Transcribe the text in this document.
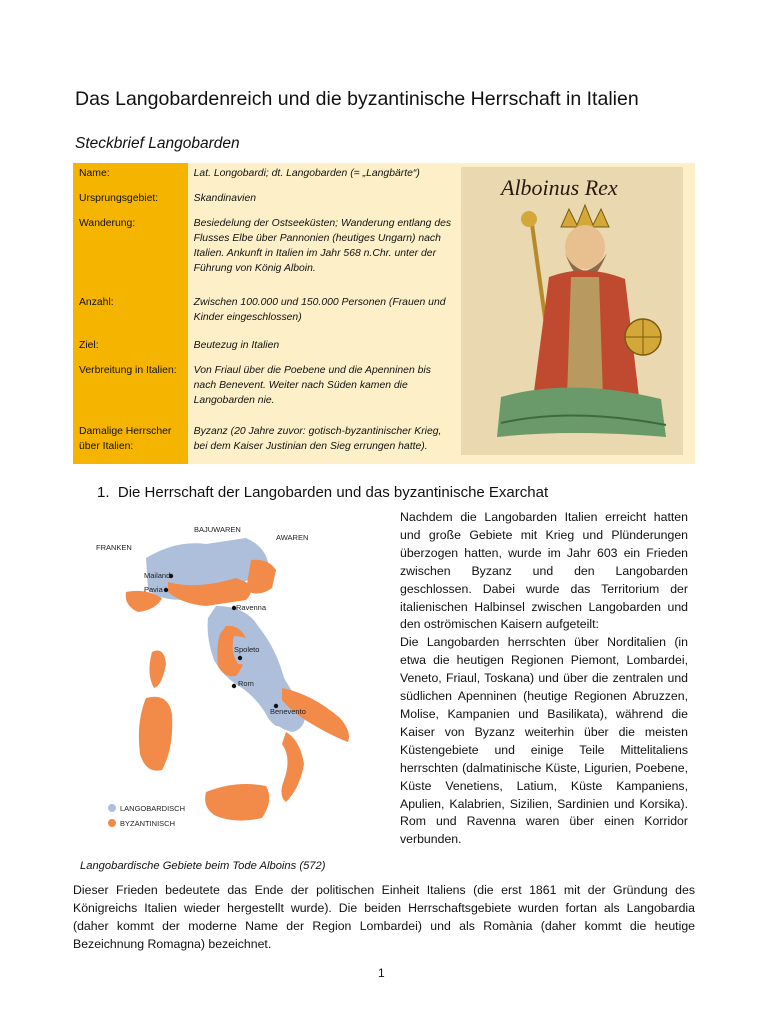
Das Langobardenreich und die byzantinische Herrschaft in Italien
Steckbrief Langobarden
Name:	Lat. Longobardi; dt. Langobarden (= „Langbärte“)	Alboinus Rex

Ursprungsgebiet:	Skandinavien	
Wanderung:	Besiedelung der Ostseeküsten; Wanderung entlang des Flusses Elbe über Pannonien (heutiges Ungarn) nach Italien. Ankunft in Italien im Jahr 568 n.Chr. unter der Führung von König Alboin.	
Anzahl:	Zwischen 100.000 und 150.000 Personen (Frauen und Kinder eingeschlossen)	
Ziel:	Beutezug in Italien	
Verbreitung in Italien:	Von Friaul über die Poebene und die Apenninen bis nach Benevent. Weiter nach Süden kamen die Langobarden nie.	
Damalige Herrscher über Italien:	Byzanz (20 Jahre zuvor: gotisch-byzantinischer Krieg, bei dem Kaiser Justinian den Sieg errungen hatte).	
1. Die Herrschaft der Langobarden und das byzantinische Exarchat
BAJUWAREN
AWAREN
FRANKEN
Mailand
Pavia
Ravenna
Spoleto
Rom
Benevento
LANGOBARDISCH
BYZANTINISCH
Langobardische Gebiete beim Tode Alboins (572)

Nachdem die Langobarden Italien erreicht hatten und große Gebiete mit Krieg und Plünderungen überzogen hatten, wurde im Jahr 603 ein Frieden zwischen Byzanz und den Langobarden geschlossen. Dabei wurde das Territorium der italienischen Halbinsel zwischen Langobarden und den oströmischen Kaisern aufgeteilt:

Die Langobarden herrschten über Norditalien (in etwa die heutigen Regionen Piemont, Lombardei, Veneto, Friaul, Toskana) und über die zentralen und südlichen Apenninen (heutige Regionen Abruzzen, Molise, Kampanien und Basilikata), während die Kaiser von Byzanz weiterhin über die meisten Küstengebiete und einige Teile Mittelitaliens herrschten (dalmatinische Küste, Ligurien, Poebene, Küste Venetiens, Latium, Küste Kampaniens, Apulien, Kalabrien, Sizilien, Sardinien und Korsika). Rom und Ravenna waren über einen Korridor verbunden.

Dieser Frieden bedeutete das Ende der politischen Einheit Italiens (die erst 1861 mit der Gründung des Königreichs Italien wieder hergestellt wurde). Die beiden Herrschaftsgebiete wurden fortan als Langobardia (daher kommt der moderne Name der Region Lombardei) und als Romània (daher kommt die heutige Bezeichnung Romagna) bezeichnet.

1
